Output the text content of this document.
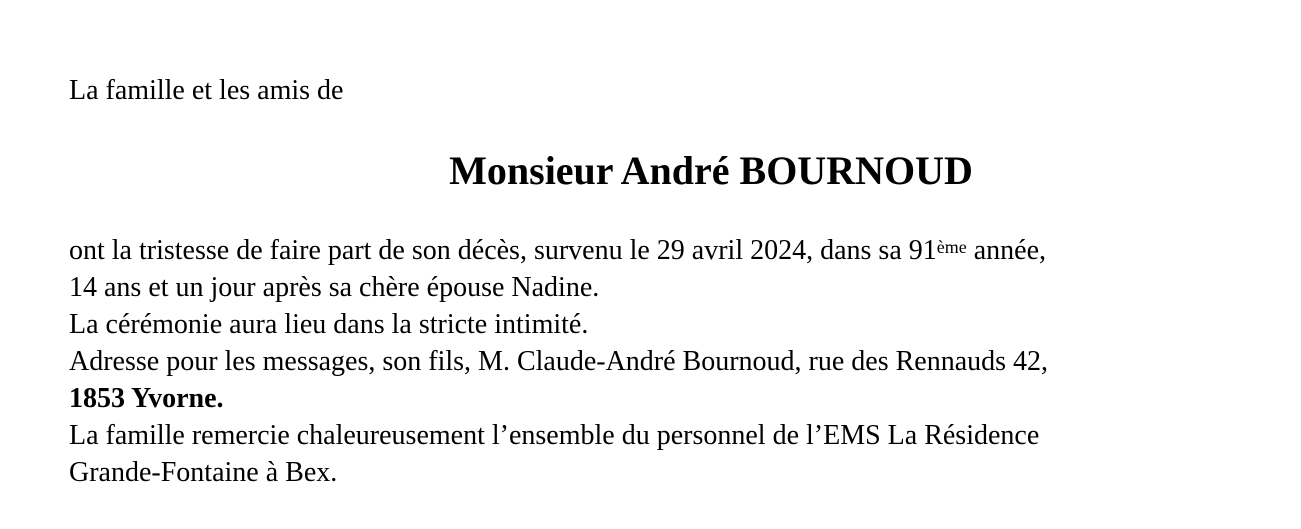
La famille et les amis de
Monsieur André BOURNOUD
ont la tristesse de faire part de son décès, survenu le 29 avril 2024, dans sa 91ème année,
14 ans et un jour après sa chère épouse Nadine.
La cérémonie aura lieu dans la stricte intimité.
Adresse pour les messages, son fils, M. Claude-André Bournoud, rue des Rennauds 42,
1853 Yvorne.
La famille remercie chaleureusement l’ensemble du personnel de l’EMS La Résidence
Grande-Fontaine à Bex.
